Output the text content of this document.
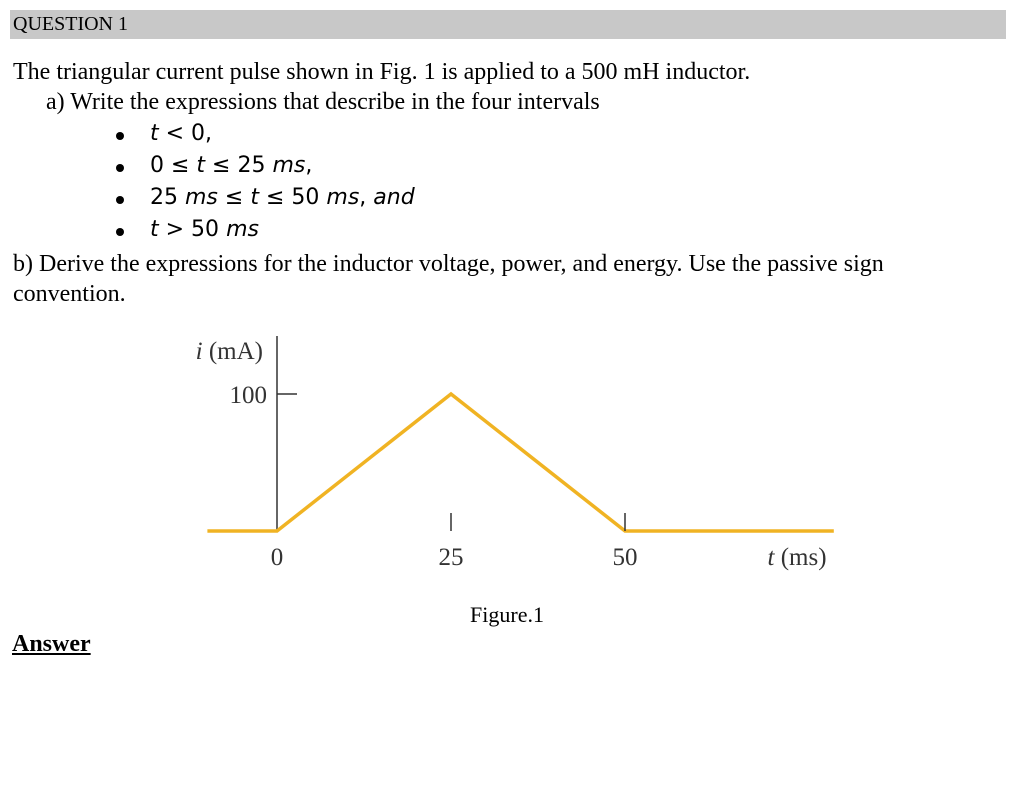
QUESTION 1
The triangular current pulse shown in Fig. 1 is applied to a 500 mH inductor.
a) Write the expressions that describe in the four intervals
t < 0,
0 ≤ t ≤ 25 ms,
25 ms ≤ t ≤ 50 ms, and
t > 50 ms
b) Derive the expressions for the inductor voltage, power, and energy. Use the passive sign
convention.
100
i (mA)
0	25	50	t (ms)
Figure.1
Answer
